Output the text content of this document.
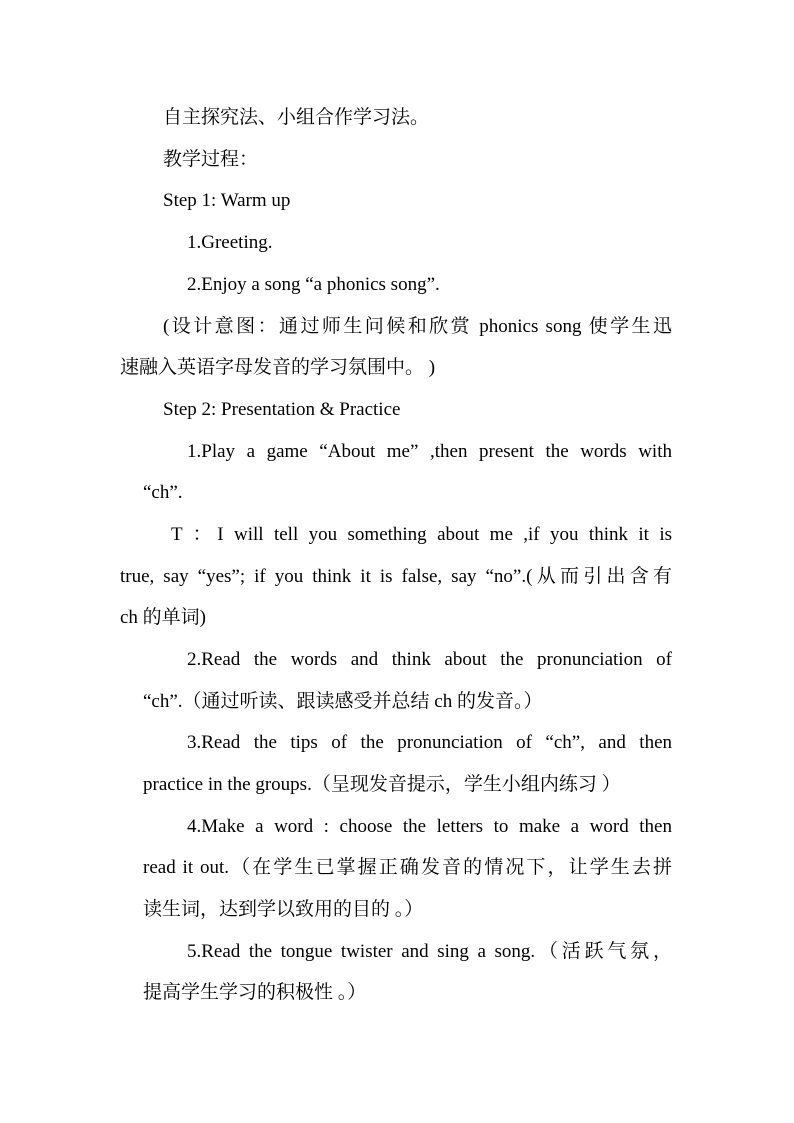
自主探究法、小组合作学习法。
教学过程：
Step 1: Warm up
1.Greeting.
2.Enjoy a song “a phonics song”.
(设计意图：通过师生问候和欣赏 phonics song 使学生迅
速融入英语字母发音的学习氛围中。 )
Step 2: Presentation & Practice
1.Play a game “About me” ,then present the words with
“ch”.
T ：I will tell you something about me ,if you think it is
true, say “yes”; if you think it is false, say “no”.(从而引出含有
ch 的单词)
2.Read the words and think about the pronunciation of
“ch”.（通过听读、跟读感受并总结 ch 的发音。）
3.Read the tips of the pronunciation of “ch”, and then
practice in the groups.（呈现发音提示，学生小组内练习 ）
4.Make a word : choose the letters to make a word then
read it out.（在学生已掌握正确发音的情况下，让学生去拼
读生词，达到学以致用的目的 。）
5.Read the tongue twister and sing a song.（活跃气氛，
提高学生学习的积极性 。）
